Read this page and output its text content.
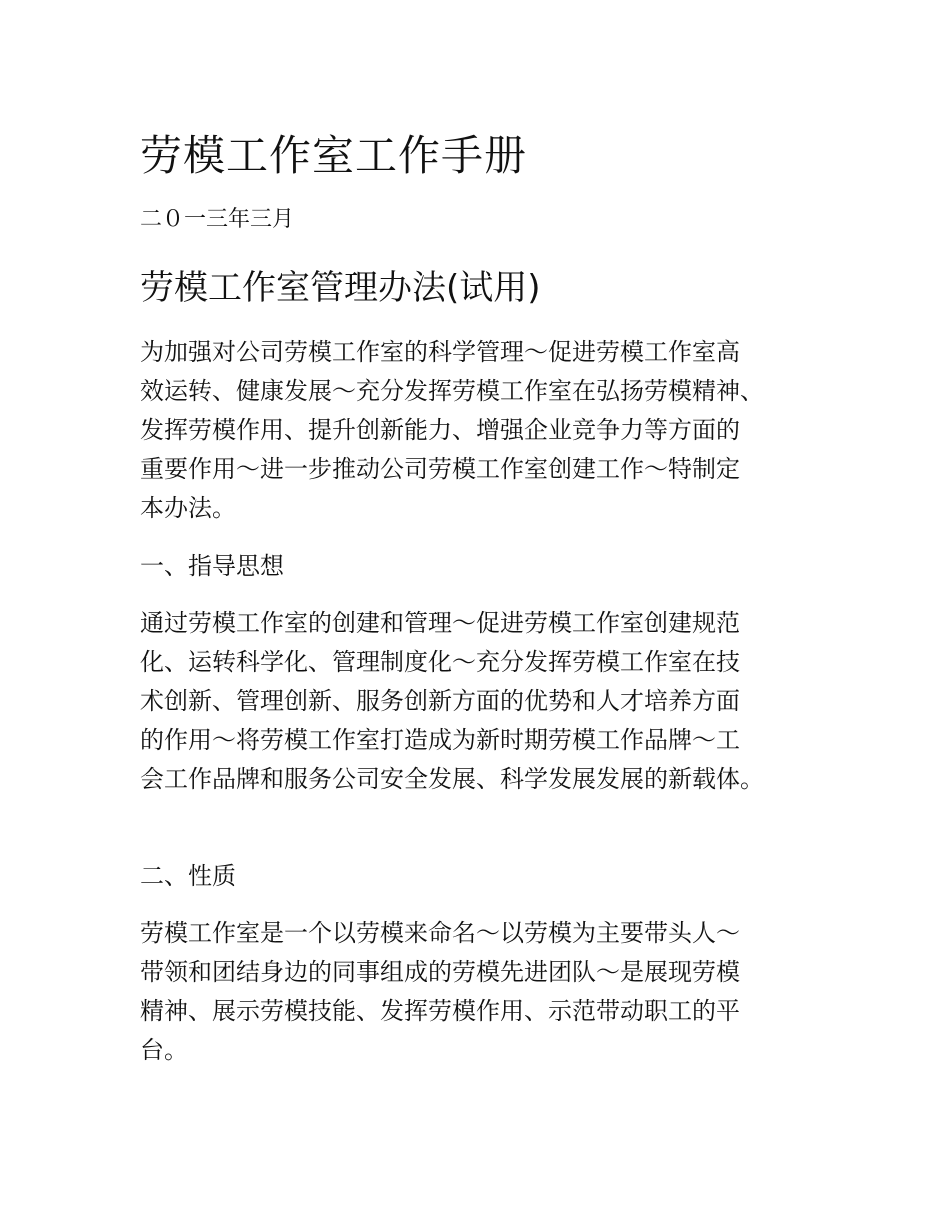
劳模工作室工作手册

二０一三年三月

劳模工作室管理办法(试用)
为加强对公司劳模工作室的科学管理～促进劳模工作室高
效运转、健康发展～充分发挥劳模工作室在弘扬劳模精神、
发挥劳模作用、提升创新能力、增强企业竞争力等方面的
重要作用～进一步推动公司劳模工作室创建工作～特制定
本办法。
一、指导思想
通过劳模工作室的创建和管理～促进劳模工作室创建规范
化、运转科学化、管理制度化～充分发挥劳模工作室在技
术创新、管理创新、服务创新方面的优势和人才培养方面
的作用～将劳模工作室打造成为新时期劳模工作品牌～工
会工作品牌和服务公司安全发展、科学发展发展的新载体。
二、性质
劳模工作室是一个以劳模来命名～以劳模为主要带头人～
带领和团结身边的同事组成的劳模先进团队～是展现劳模
精神、展示劳模技能、发挥劳模作用、示范带动职工的平
台。
